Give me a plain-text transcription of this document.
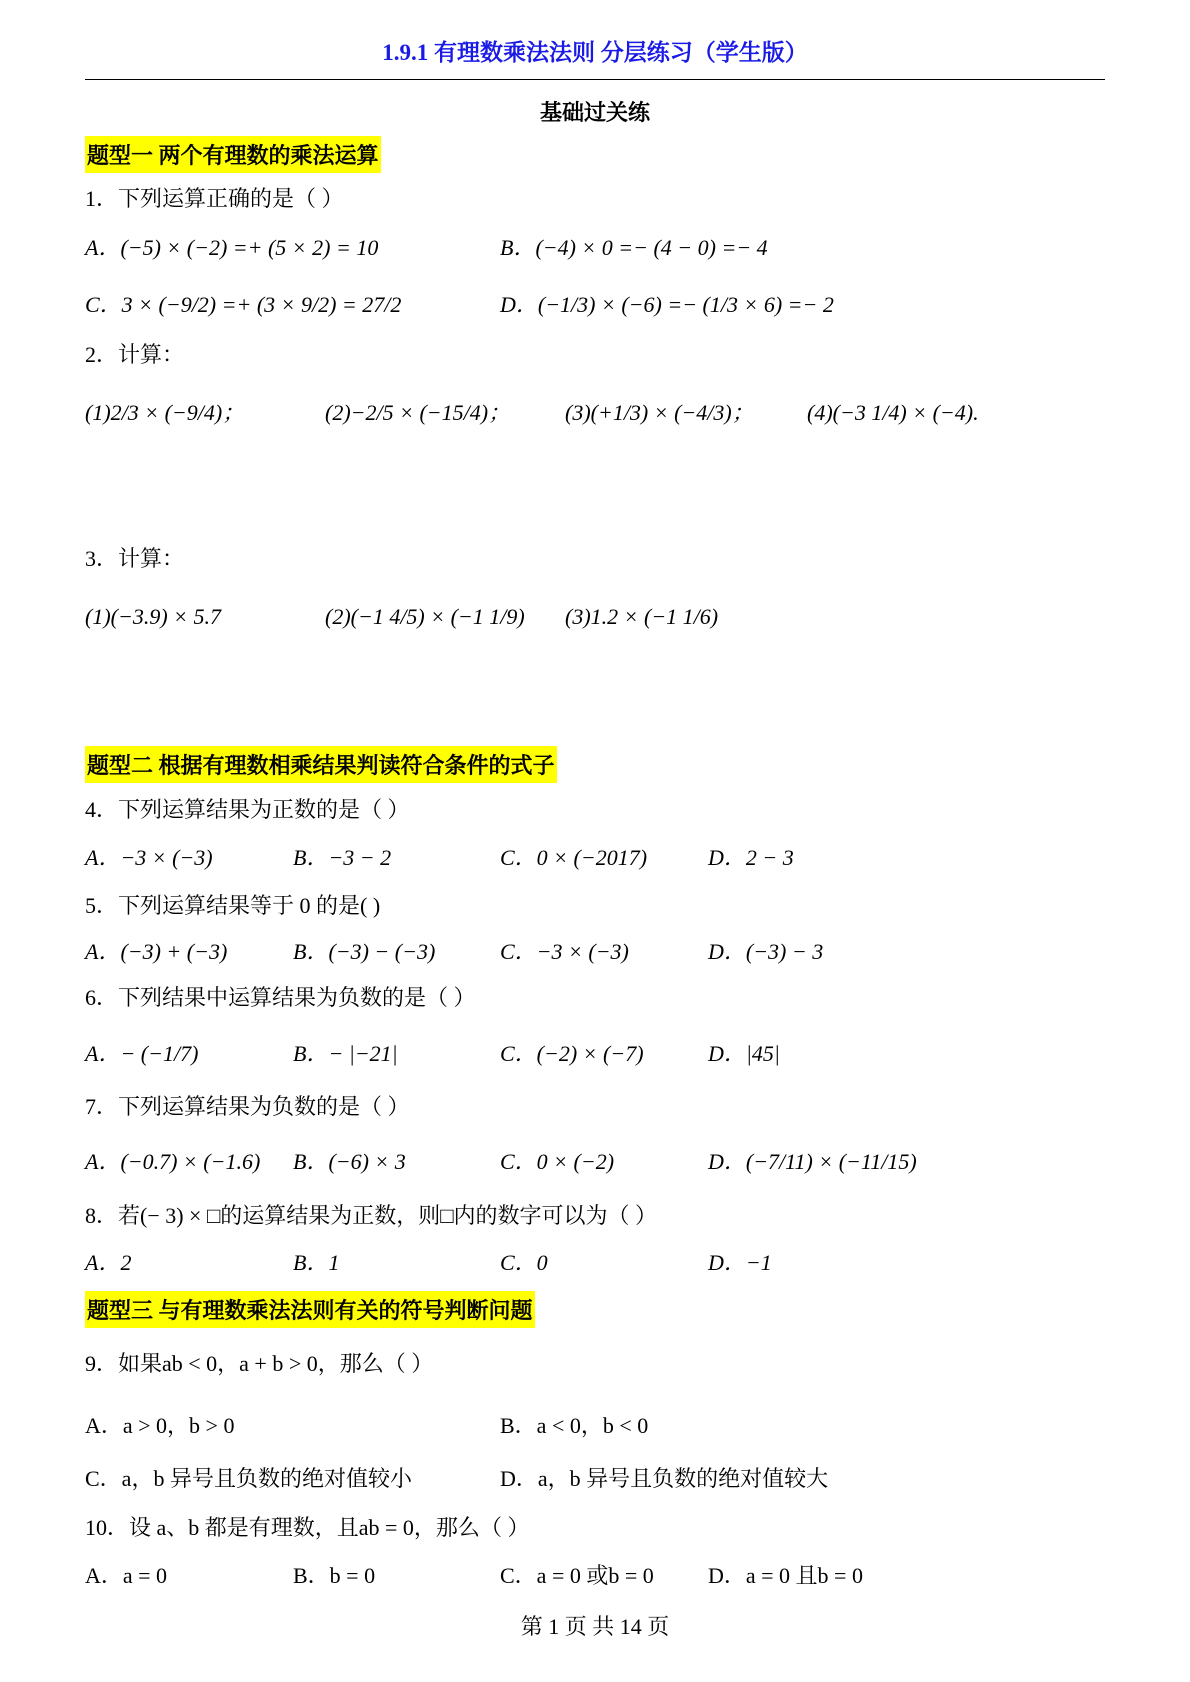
1.9.1 有理数乘法法则 分层练习（学生版）
基础过关练
题型一 两个有理数的乘法运算
1．下列运算正确的是（ ）
A．(−5) × (−2) =+ (5 × 2) = 10	B．(−4) × 0 =− (4 − 0) =− 4
C．3 × (−9/2) =+ (3 × 9/2) = 27/2	D．(−1/3) × (−6) =− (1/3 × 6) =− 2
2．计算：
(1)2/3 × (−9/4)；	(2)−2/5 × (−15/4)； (3)(+1/3) × (−4/3)； (4)(−3 1/4) × (−4).
3．计算：
(1)(−3.9) × 5.7	(2)(−1 4/5) × (−1 1/9) (3)1.2 × (−1 1/6)
题型二 根据有理数相乘结果判读符合条件的式子
4．下列运算结果为正数的是（ ）
A．−3 × (−3)	B．−3 − 2	C．0 × (−2017)	D．2 − 3
5．下列运算结果等于 0 的是( )
A．(−3) + (−3)	B．(−3) − (−3)	C．−3 × (−3)	D．(−3) − 3
6．下列结果中运算结果为负数的是（ ）
A．− (−1/7)	B．− |−21|	C．(−2) × (−7)	D．|45|
7．下列运算结果为负数的是（ ）
A．(−0.7) × (−1.6) B．(−6) × 3	C．0 × (−2)	D．(−7/11) × (−11/15)
8．若(− 3) × □的运算结果为正数，则□内的数字可以为（ ）
A．2	B．1	C．0	D．−1
题型三 与有理数乘法法则有关的符号判断问题
9．如果ab < 0，a + b > 0，那么（ ）
A．a > 0，b > 0	B．a < 0，b < 0
C．a，b 异号且负数的绝对值较小	D．a，b 异号且负数的绝对值较大
10．设 a、b 都是有理数，且ab = 0，那么（ ）
A．a = 0	B．b = 0	C．a = 0 或b = 0 D．a = 0 且b = 0
第 1 页 共 14 页
